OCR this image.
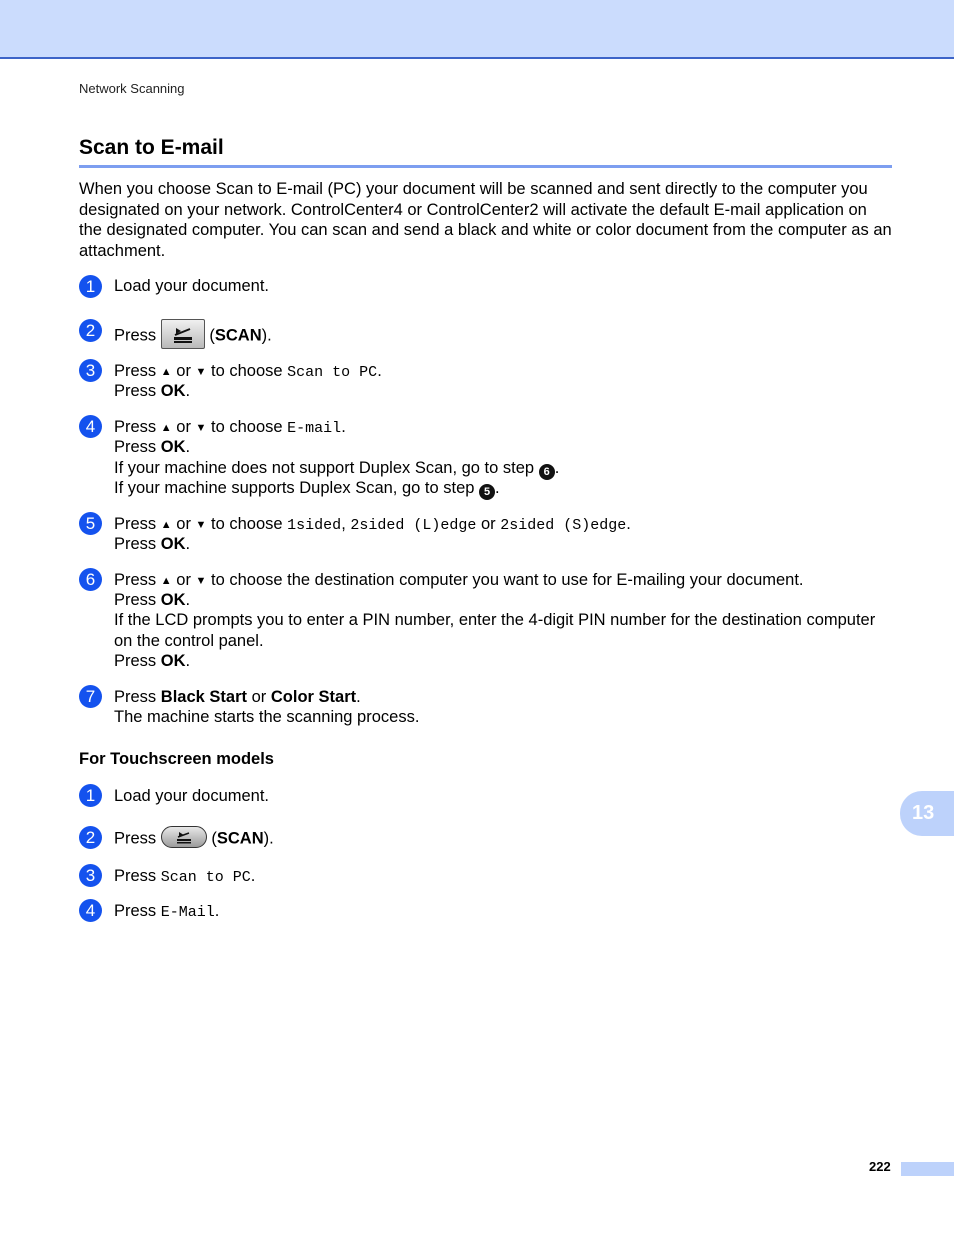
Network Scanning
Scan to E-mail

When you choose Scan to E-mail (PC) your document will be scanned and sent directly to the computer you designated on your network. ControlCenter4 or ControlCenter2 will activate the default E-mail application on the designated computer. You can scan and send a black and white or color document from the computer as an attachment.

1	Load your document.
2	Press	(SCAN).
3	Press ▲ or ▼ to choose Scan to PC.
Press OK.
4	Press ▲ or ▼ to choose E-mail.
Press OK.
If your machine does not support Duplex Scan, go to step 6 .
If your machine supports Duplex Scan, go to step 5 .
5	Press ▲ or ▼ to choose 1sided, 2sided (L)edge or 2sided (S)edge.
Press OK.
6	Press ▲ or ▼ to choose the destination computer you want to use for E-mailing your document.
Press OK.
If the LCD prompts you to enter a PIN number, enter the 4-digit PIN number for the destination computer
on the control panel.
Press OK.
7	Press Black Start or Color Start.
The machine starts the scanning process.
For Touchscreen models
1	Load your document.
2	Press	(SCAN).
3	Press Scan to PC.
4	Press E-Mail.
13
222
